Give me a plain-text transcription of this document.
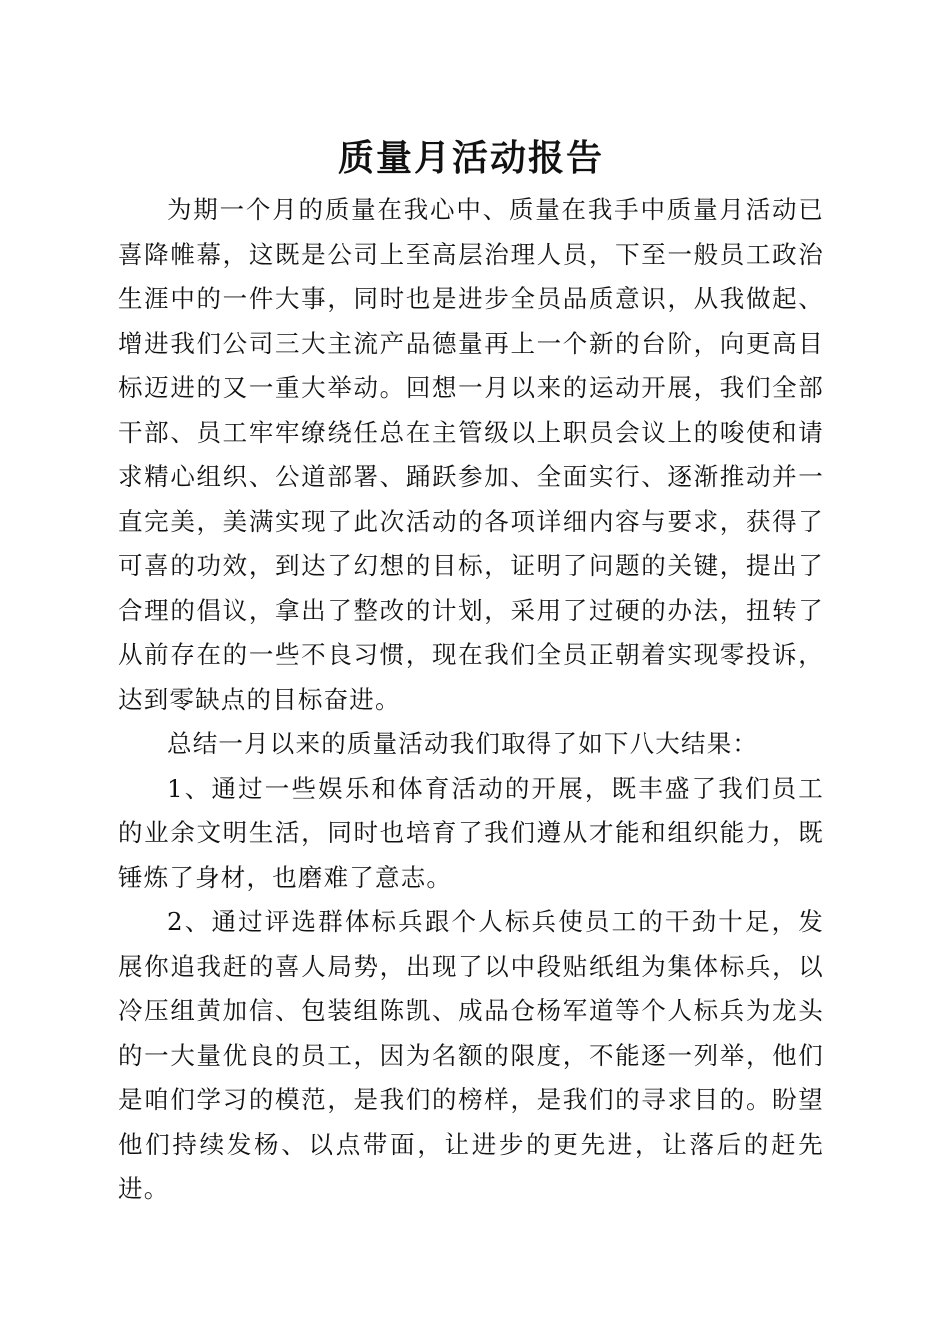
质量月活动报告

为期一个月的质量在我心中、质量在我手中质量月活动已喜降帷幕，这既是公司上至高层治理人员，下至一般员工政治生涯中的一件大事，同时也是进步全员品质意识，从我做起、增进我们公司三大主流产品德量再上一个新的台阶，向更高目标迈进的又一重大举动。回想一月以来的运动开展，我们全部干部、员工牢牢缭绕任总在主管级以上职员会议上的唆使和请求精心组织、公道部署、踊跃参加、全面实行、逐渐推动并一直完美，美满实现了此次活动的各项详细内容与要求，获得了可喜的功效，到达了幻想的目标，证明了问题的关键，提出了合理的倡议，拿出了整改的计划，采用了过硬的办法，扭转了从前存在的一些不良习惯，现在我们全员正朝着实现零投诉，达到零缺点的目标奋进。

总结一月以来的质量活动我们取得了如下八大结果：

1、通过一些娱乐和体育活动的开展，既丰盛了我们员工的业余文明生活，同时也培育了我们遵从才能和组织能力，既锤炼了身材，也磨难了意志。

2、通过评选群体标兵跟个人标兵使员工的干劲十足，发展你追我赶的喜人局势，出现了以中段贴纸组为集体标兵，以冷压组黄加信、包装组陈凯、成品仓杨军道等个人标兵为龙头的一大量优良的员工，因为名额的限度，不能逐一列举，他们是咱们学习的模范，是我们的榜样，是我们的寻求目的。盼望他们持续发杨、以点带面，让进步的更先进，让落后的赶先进。
